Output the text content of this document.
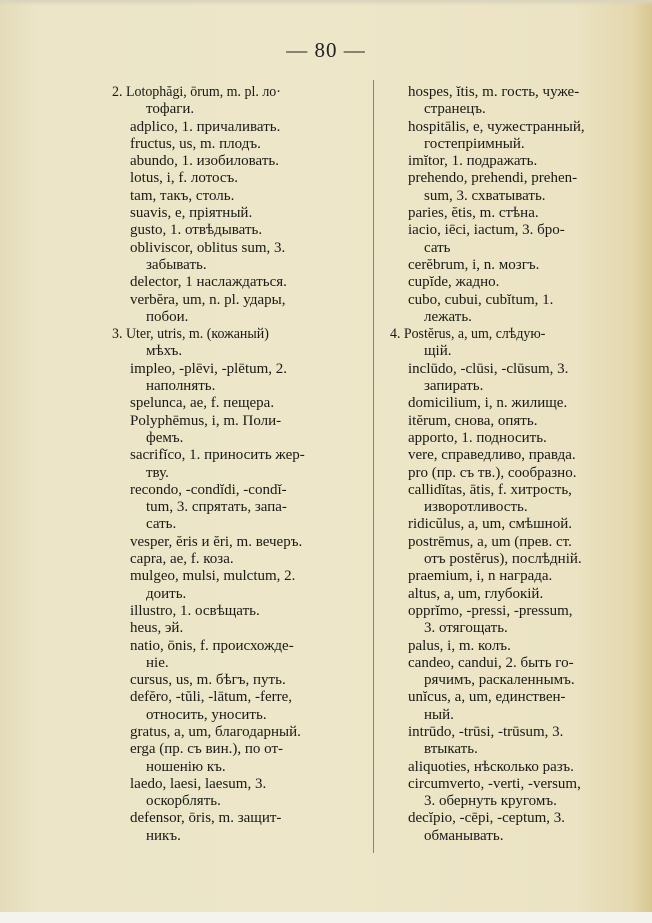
— 80 —
2. Lotophăgi, ōrum, m. pl. ло·
тофаги.
adplico, 1. причаливать.
fructus, us, m. плодъ.
abundo, 1. изобиловать.
lotus, i, f. лотосъ.
tam, такъ, столь.
suavis, e, пріятный.
gusto, 1. отвѣдывать.
obliviscor, oblitus sum, 3.
забывать.
delector, 1 наслаждаться.
verbĕra, um, n. pl. удары,
побои.
3. Uter, utris, m. (кожаный)
мѣхъ.
impleo, -plēvi, -plētum, 2.
наполнять.
spelunca, ae, f. пещера.
Polyphēmus, i, m. Поли-
фемъ.
sacrifĭco, 1. приносить жер-
тву.
recondo, -condĭdi, -condĭ-
tum, 3. спрятать, запа-
сать.
vesper, ĕris и ĕri, m. вечеръ.
capra, ae, f. коза.
mulgeo, mulsi, mulctum, 2.
доить.
illustro, 1. освѣщать.
heus, эй.
natio, ōnis, f. происхожде-
ніе.
cursus, us, m. бѣгъ, путь.
defĕro, -tŭli, -lātum, -ferre,
относить, уносить.
gratus, a, um, благодарный.
erga (пр. съ вин.), по от-
ношенію къ.
laedo, laesi, laesum, 3.
оскорблять.
defensor, ōris, m. защит-
никъ.
hospes, ĭtis, m. гость, чуже-
странецъ.
hospitālis, e, чужестранный,
гостепріимный.
imĭtor, 1. подражать.
prehendo, prehendi, prehen-
sum, 3. схватывать.
paries, ĕtis, m. стѣна.
iacio, iēci, iactum, 3. бро-
сать
cerĕbrum, i, n. мозгъ.
cupĭde, жадно.
cubo, cubui, cubĭtum, 1.
лежать.
4. Postĕrus, a, um, слѣдую-
щій.
inclūdo, -clūsi, -clūsum, 3.
запирать.
domicilium, i, n. жилище.
itĕrum, снова, опять.
apporto, 1. подносить.
vere, справедливо, правда.
pro (пр. съ тв.), сообразно.
callidĭtas, ātis, f. хитрость,
изворотливость.
ridicŭlus, a, um, смѣшной.
postrēmus, a, um (прев. ст.
отъ postĕrus), послѣдній.
praemium, i, n награда.
altus, a, um, глубокій.
opprĭmo, -pressi, -pressum,
3. отягощать.
palus, i, m. колъ.
candeo, candui, 2. быть го-
рячимъ, раскаленнымъ.
unĭcus, a, um, единствен-
ный.
intrūdo, -trūsi, -trūsum, 3.
втыкать.
aliquoties, нѣсколько разъ.
circumverto, -verti, -versum,
3. обернуть кругомъ.
decĭpio, -cēpi, -ceptum, 3.
обманывать.
